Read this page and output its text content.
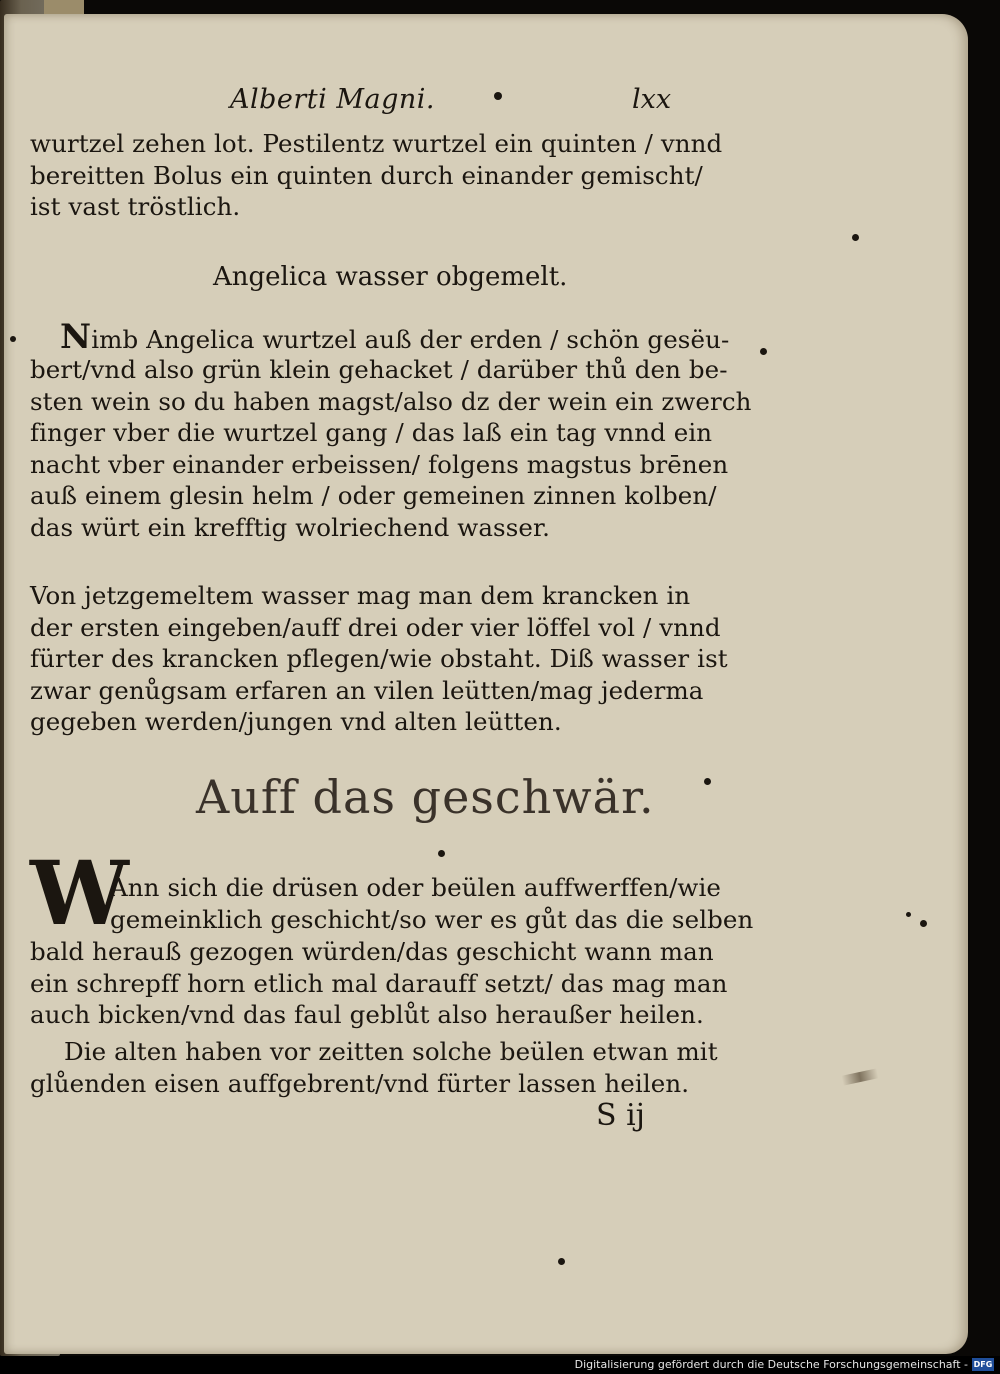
Alberti Magni.	lxx
wurtzel zehen lot. Pestilentz wurtzel ein quinten / vnnd
bereitten Bolus ein quinten durch einander gemischt/
ist vast tröstlich.
Angelica wasser obgemelt.
Nimb Angelica wurtzel auß der erden / schön gesëu-
bert/vnd also grün klein gehacket / darüber thů den be-
sten wein so du haben magst/also dz der wein ein zwerch
finger vber die wurtzel gang / das laß ein tag vnnd ein
nacht vber einander erbeissen/ folgens magstus brēnen
auß einem glesin helm / oder gemeinen zinnen kolben/
das würt ein krefftig wolriechend wasser.
Von jetzgemeltem wasser mag man dem krancken in
der ersten eingeben/auff drei oder vier löffel vol / vnnd
fürter des krancken pflegen/wie obstaht. Diß wasser ist
zwar genůgsam erfaren an vilen leütten/mag jederma
gegeben werden/jungen vnd alten leütten.
Auff das geschwär.
W
Ann sich die drüsen oder beülen auffwerffen/wie
gemeinklich geschicht/so wer es gůt das die selben
bald herauß gezogen würden/das geschicht wann man
ein schrepff horn etlich mal darauff setzt/ das mag man
auch bicken/vnd das faul geblůt also heraußer heilen.
Die alten haben vor zeitten solche beülen etwan mit
glůenden eisen auffgebrent/vnd fürter lassen heilen.
S ij
Digitalisierung gefördert durch die Deutsche Forschungsgemeinschaft - DFG
